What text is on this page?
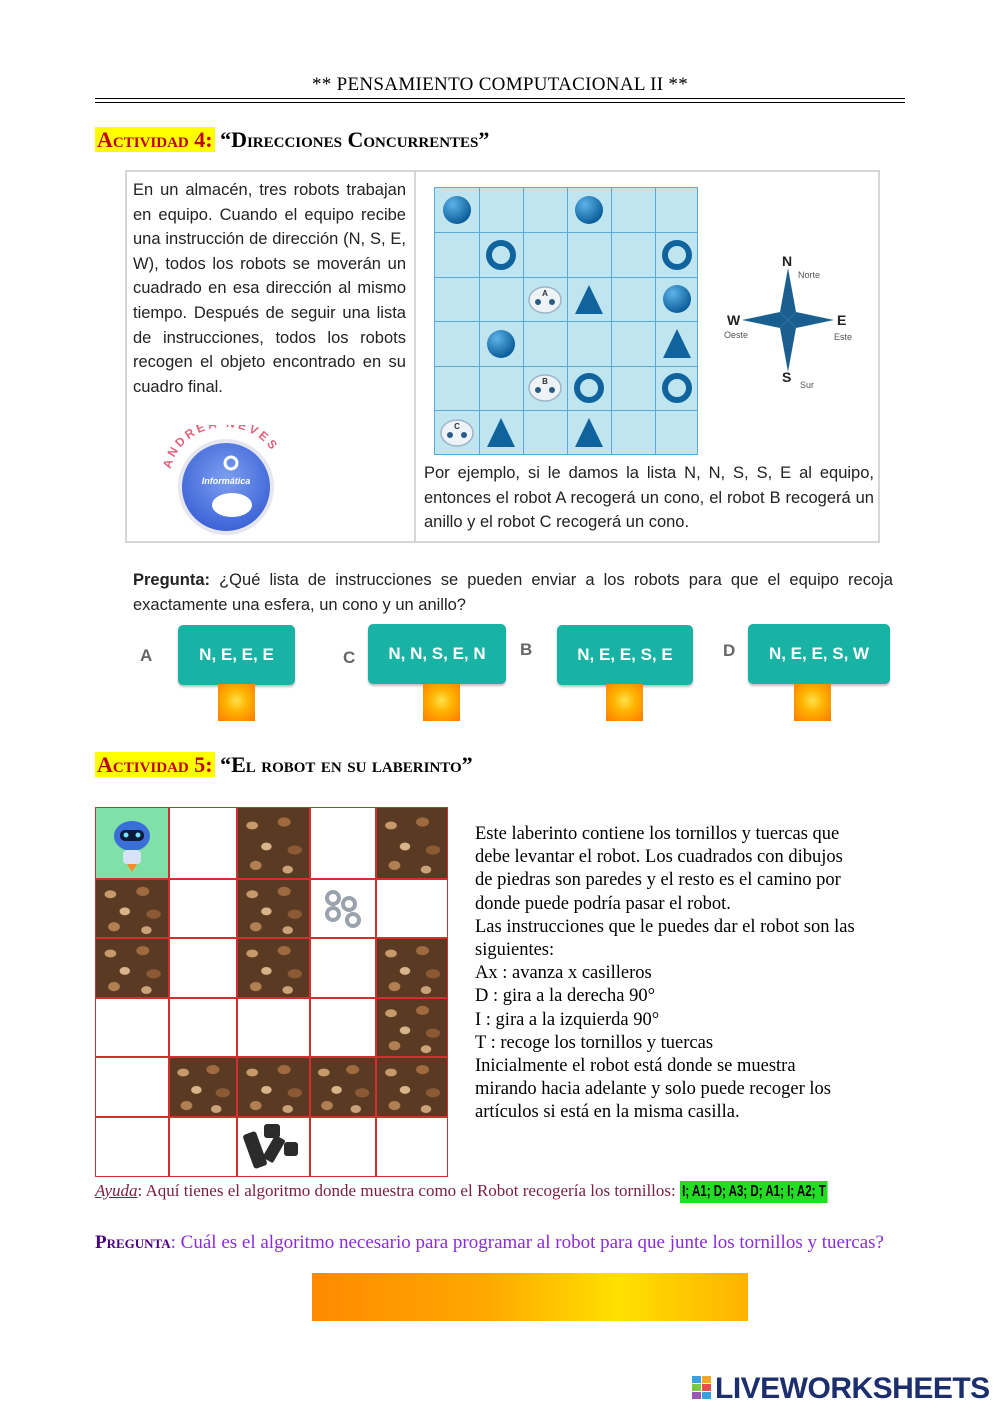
** PENSAMIENTO COMPUTACIONAL II **
Actividad 4: “Direcciones Concurrentes”
En un almacén, tres robots trabajan en equipo. Cuando el equipo recibe una instrucción de dirección (N, S, E, W), todos los robots se moverán un cuadrado en esa dirección al mismo tiempo. Después de seguir una lista de instrucciones, todos los robots recogen el objeto encontrado en su cuadro final.
ANDRE EVES
Informática
A
B
C
N
Norte
S Sur
E
Este
W
Oeste
Por ejemplo, si le damos la lista N, N, S, S, E al equipo, entonces el robot A recogerá un cono, el robot B recogerá un anillo y el robot C recogerá un cono.
Pregunta: ¿Qué lista de instrucciones se pueden enviar a los robots para que el equipo recoja exactamente una esfera, un cono y un anillo?
A	N, E, E, E	C	N, N, S, E, N	B	N, E, E, S, E	D	N, E, E, S, W
Actividad 5: “El robot en su laberinto”
Este laberinto contiene los tornillos y tuercas que
debe levantar el robot. Los cuadrados con dibujos
de piedras son paredes y el resto es el camino por
donde puede podría pasar el robot.
Las instrucciones que le puedes dar el robot son las
siguientes:
Ax : avanza x casilleros
D : gira a la derecha 90°
I : gira a la izquierda 90°
T : recoge los tornillos y tuercas
Inicialmente el robot está donde se muestra
mirando hacia adelante y solo puede recoger los
artículos si está en la misma casilla.
Ayuda: Aquí tienes el algoritmo donde muestra como el Robot recogería los tornillos: I; A1; D; A3; D; A1; I; A2; T
Pregunta: Cuál es el algoritmo necesario para programar al robot para que junte los tornillos y tuercas?
LIVEWORKSHEETS
